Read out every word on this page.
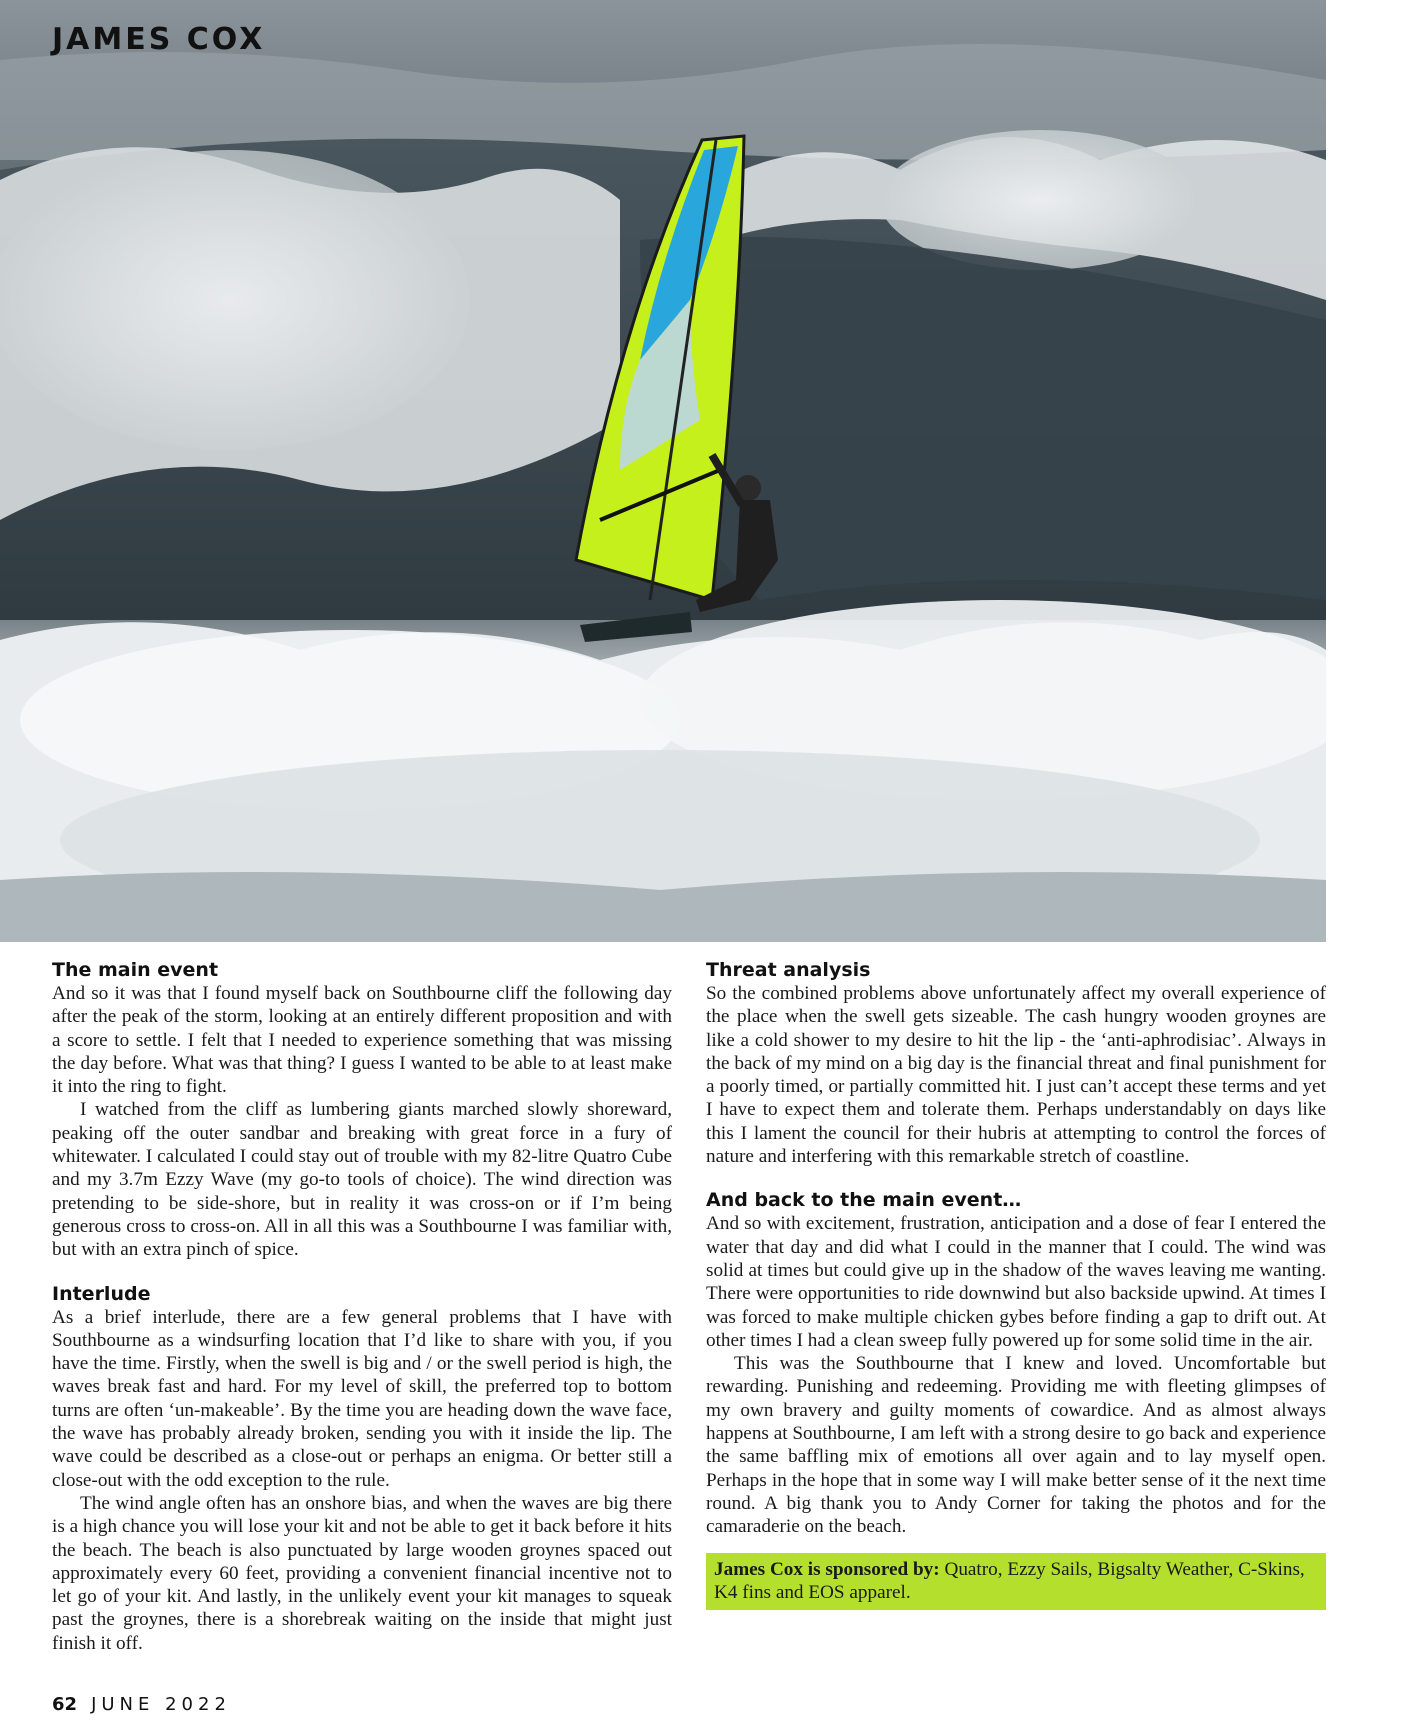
JAMES COX
The main event

And so it was that I found myself back on Southbourne cliff the following day after the peak of the storm, looking at an entirely different proposition and with a score to settle. I felt that I needed to experience something that was missing the day before. What was that thing? I guess I wanted to be able to at least make it into the ring to fight.

I watched from the cliff as lumbering giants marched slowly shoreward, peaking off the outer sandbar and breaking with great force in a fury of whitewater. I calculated I could stay out of trouble with my 82-litre Quatro Cube and my 3.7m Ezzy Wave (my go-to tools of choice). The wind direction was pretending to be side-shore, but in reality it was cross-on or if I’m being generous cross to cross-on. All in all this was a Southbourne I was familiar with, but with an extra pinch of spice.

Interlude

As a brief interlude, there are a few general problems that I have with Southbourne as a windsurfing location that I’d like to share with you, if you have the time. Firstly, when the swell is big and / or the swell period is high, the waves break fast and hard. For my level of skill, the preferred top to bottom turns are often ‘un-makeable’. By the time you are heading down the wave face, the wave has probably already broken, sending you with it inside the lip. The wave could be described as a close-out or perhaps an enigma. Or better still a close-out with the odd exception to the rule.

The wind angle often has an onshore bias, and when the waves are big there is a high chance you will lose your kit and not be able to get it back before it hits the beach. The beach is also punctuated by large wooden groynes spaced out approximately every 60 feet, providing a convenient financial incentive not to let go of your kit. And lastly, in the unlikely event your kit manages to squeak past the groynes, there is a shorebreak waiting on the inside that might just finish it off.

Threat analysis

So the combined problems above unfortunately affect my overall experience of the place when the swell gets sizeable. The cash hungry wooden groynes are like a cold shower to my desire to hit the lip - the ‘anti-aphrodisiac’. Always in the back of my mind on a big day is the financial threat and final punishment for a poorly timed, or partially committed hit. I just can’t accept these terms and yet I have to expect them and tolerate them. Perhaps understandably on days like this I lament the council for their hubris at attempting to control the forces of nature and interfering with this remarkable stretch of coastline.

And back to the main event…

And so with excitement, frustration, anticipation and a dose of fear I entered the water that day and did what I could in the manner that I could. The wind was solid at times but could give up in the shadow of the waves leaving me wanting. There were opportunities to ride downwind but also backside upwind. At times I was forced to make multiple chicken gybes before finding a gap to drift out. At other times I had a clean sweep fully powered up for some solid time in the air.

This was the Southbourne that I knew and loved. Uncomfortable but rewarding. Punishing and redeeming. Providing me with fleeting glimpses of my own bravery and guilty moments of cowardice. And as almost always happens at Southbourne, I am left with a strong desire to go back and experience the same baffling mix of emotions all over again and to lay myself open. Perhaps in the hope that in some way I will make better sense of it the next time round. A big thank you to Andy Corner for taking the photos and for the camaraderie on the beach.

James Cox is sponsored by: Quatro, Ezzy Sails, Bigsalty Weather, C-Skins, K4 fins and EOS apparel.
62 JUNE 2022
